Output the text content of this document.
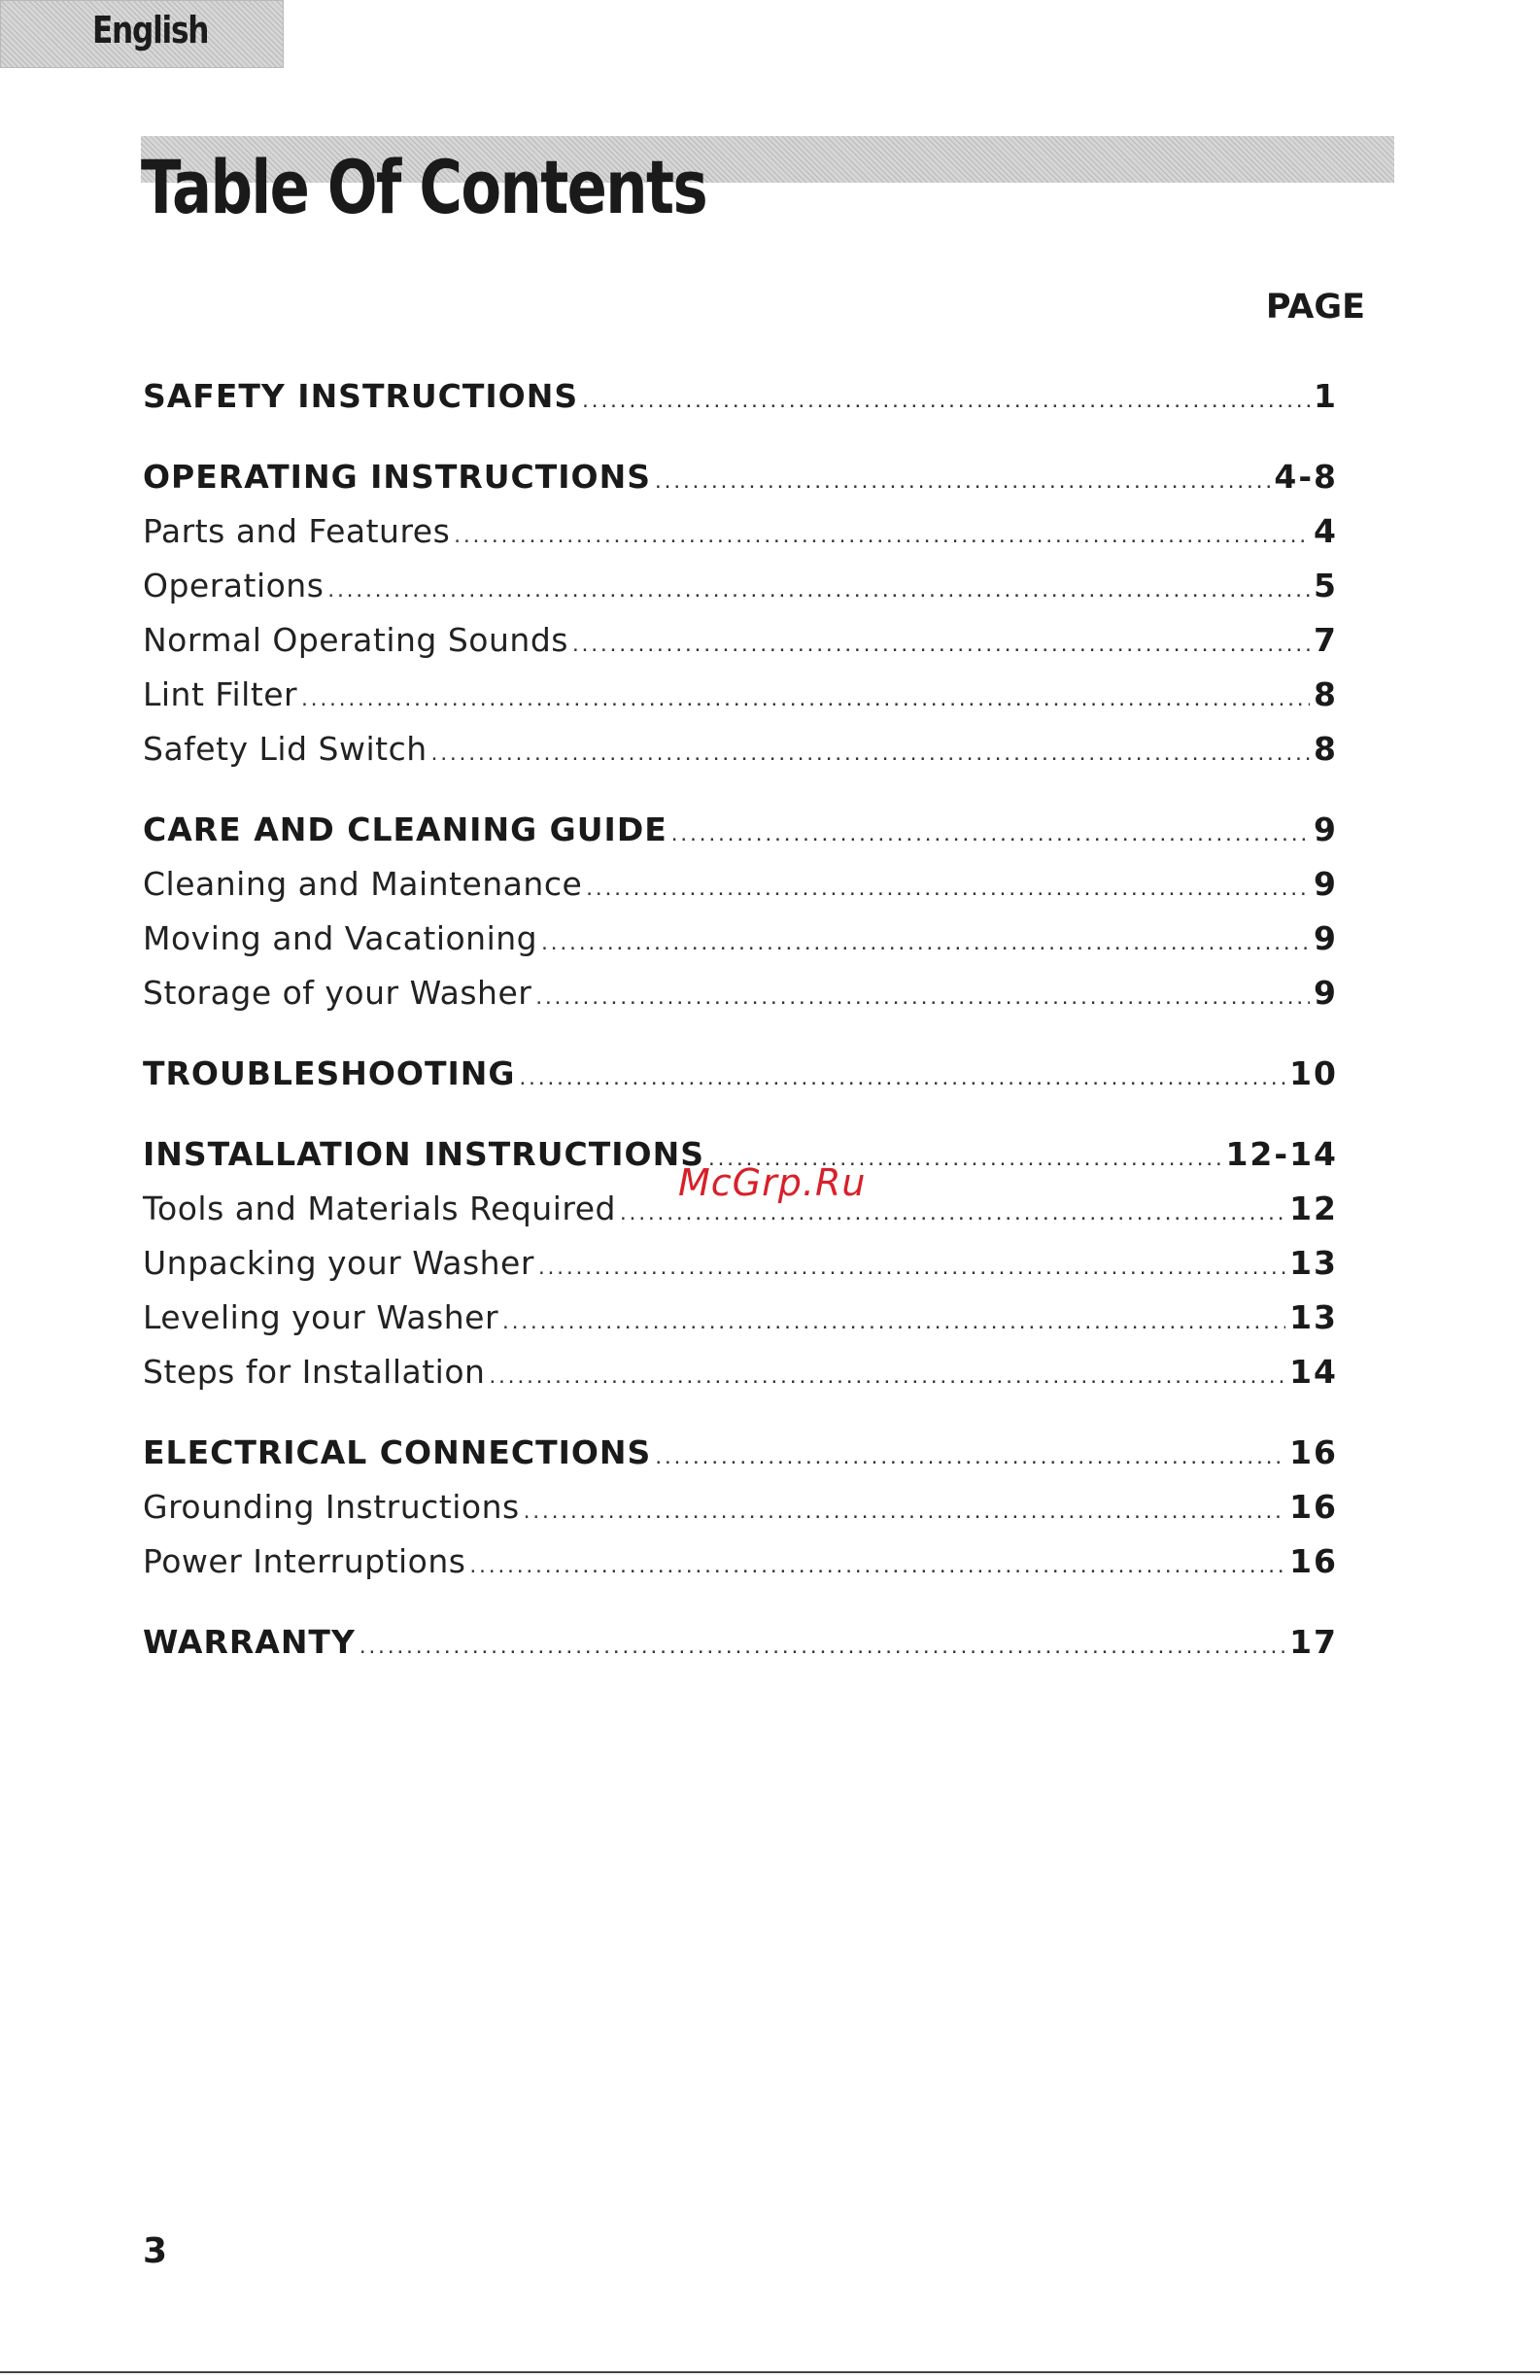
English
Table Of Contents
PAGE
SAFETY INSTRUCTIONS .....	1
OPERATING INSTRUCTIONS .....	4-8
Parts and Features .....	4
Operations .....	5
Normal Operating Sounds .....	7
Lint Filter .....	8
Safety Lid Switch .....	8
CARE AND CLEANING GUIDE .....	9
Cleaning and Maintenance .....	9
Moving and Vacationing .....	9
Storage of your Washer .....	9
TROUBLESHOOTING .....	10
INSTALLATION INSTRUCTIONS .....	12-14
Tools and Materials Required .....	12
Unpacking your Washer .....	13
Leveling your Washer .....	13
Steps for Installation .....	14
ELECTRICAL CONNECTIONS .....	16
Grounding Instructions .....	16
Power Interruptions .....	16
WARRANTY .....	17
McGrp.Ru
3
